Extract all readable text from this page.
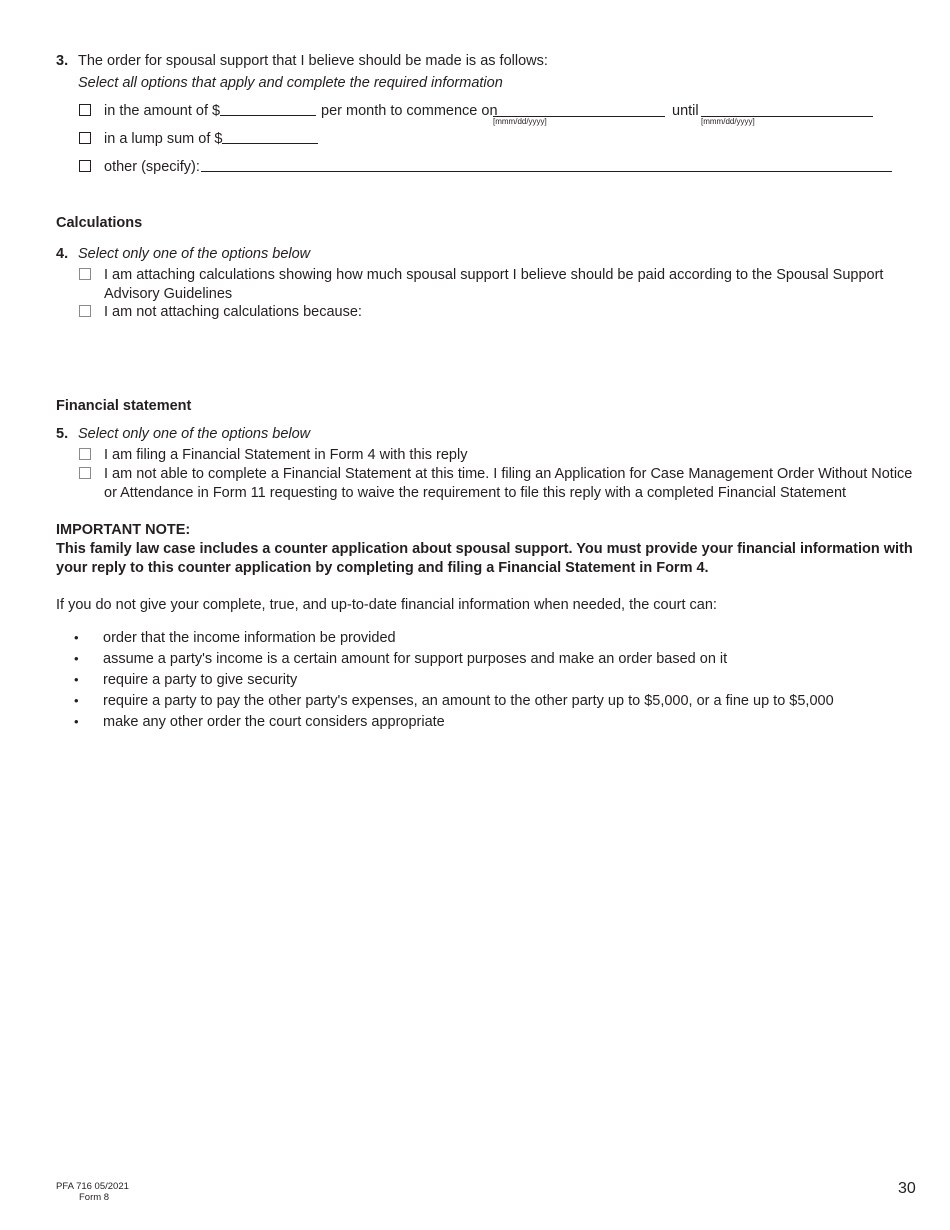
3. The order for spousal support that I believe should be made is as follows:
Select all options that apply and complete the required information
in the amount of $	per month to commence on
[mmm/dd/yyyy]
until
[mmm/dd/yyyy]
in a lump sum of $
other (specify):
Calculations
4. Select only one of the options below
I am attaching calculations showing how much spousal support I believe should be paid according to the Spousal Support
Advisory Guidelines
I am not attaching calculations because:
Financial statement
5. Select only one of the options below
I am filing a Financial Statement in Form 4 with this reply
I am not able to complete a Financial Statement at this time. I filing an Application for Case Management Order Without Notice
or Attendance in Form 11 requesting to waive the requirement to file this reply with a completed Financial Statement
IMPORTANT NOTE:
This family law case includes a counter application about spousal support. You must provide your financial information with
your reply to this counter application by completing and filing a Financial Statement in Form 4.
If you do not give your complete, true, and up-to-date financial information when needed, the court can:
• order that the income information be provided
• assume a party's income is a certain amount for support purposes and make an order based on it
• require a party to give security
• require a party to pay the other party's expenses, an amount to the other party up to $5,000, or a fine up to $5,000
• make any other order the court considers appropriate
PFA 716 05/2021
Form 8
30
